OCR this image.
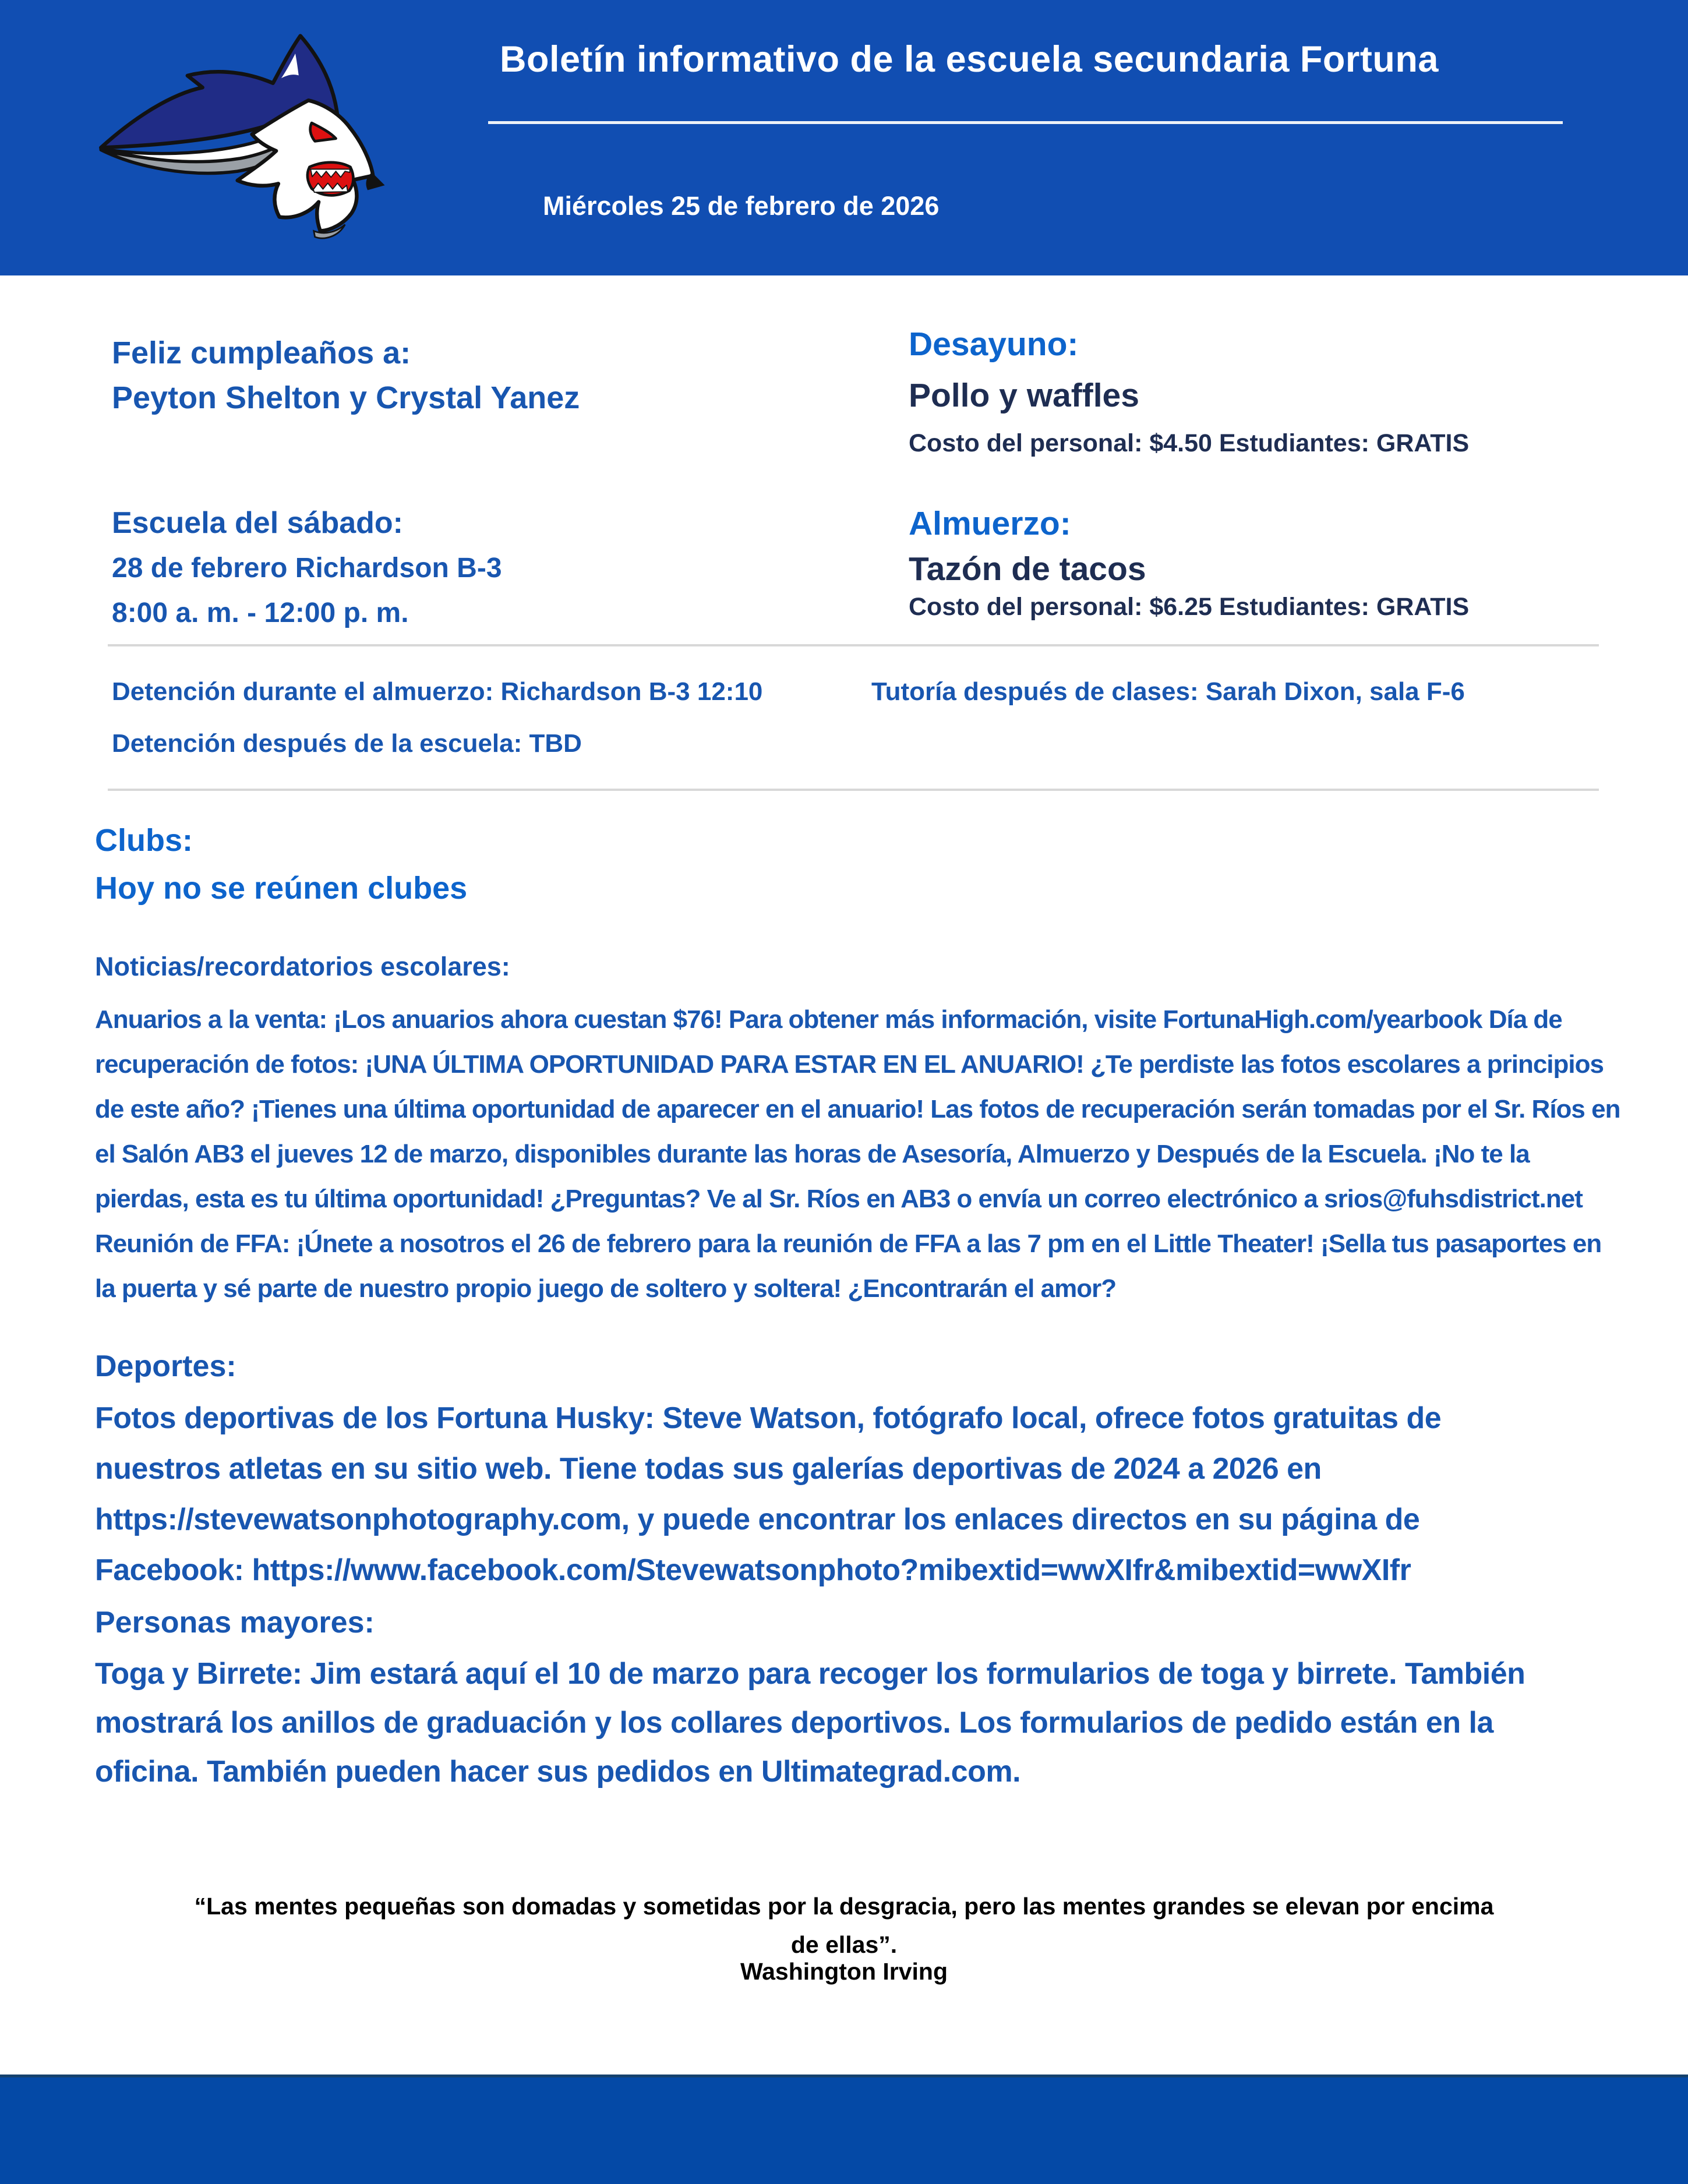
Boletín informativo de la escuela secundaria Fortuna
Miércoles 25 de febrero de 2026
Feliz cumpleaños a:
Peyton Shelton y Crystal Yanez
Desayuno:
Pollo y waffles
Costo del personal: $4.50 Estudiantes: GRATIS
Escuela del sábado:
28 de febrero Richardson B-3
8:00 a. m. - 12:00 p. m.
Almuerzo:
Tazón de tacos
Costo del personal: $6.25 Estudiantes: GRATIS
Detención durante el almuerzo: Richardson B-3 12:10	Tutoría después de clases: Sarah Dixon, sala F-6
Detención después de la escuela: TBD
Clubs:
Hoy no se reúnen clubes
Noticias/recordatorios escolares:
Anuarios a la venta: ¡Los anuarios ahora cuestan $76! Para obtener más información, visite FortunaHigh.com/yearbook Día de recuperación de fotos: ¡UNA ÚLTIMA OPORTUNIDAD PARA ESTAR EN EL ANUARIO! ¿Te perdiste las fotos escolares a principios de este año? ¡Tienes una última oportunidad de aparecer en el anuario! Las fotos de recuperación serán tomadas por el Sr. Ríos en el Salón AB3 el jueves 12 de marzo, disponibles durante las horas de Asesoría, Almuerzo y Después de la Escuela. ¡No te la pierdas, esta es tu última oportunidad! ¿Preguntas? Ve al Sr. Ríos en AB3 o envía un correo electrónico a srios@fuhsdistrict.net Reunión de FFA: ¡Únete a nosotros el 26 de febrero para la reunión de FFA a las 7 pm en el Little Theater! ¡Sella tus pasaportes en la puerta y sé parte de nuestro propio juego de soltero y soltera! ¿Encontrarán el amor?
Deportes:
Fotos deportivas de los Fortuna Husky: Steve Watson, fotógrafo local, ofrece fotos gratuitas de nuestros atletas en su sitio web. Tiene todas sus galerías deportivas de 2024 a 2026 en https://stevewatsonphotography.com, y puede encontrar los enlaces directos en su página de Facebook: https://www.facebook.com/Stevewatsonphoto?mibextid=wwXIfr&mibextid=wwXIfr
Personas mayores:
Toga y Birrete: Jim estará aquí el 10 de marzo para recoger los formularios de toga y birrete. También mostrará los anillos de graduación y los collares deportivos. Los formularios de pedido están en la oficina. También pueden hacer sus pedidos en Ultimategrad.com.
“Las mentes pequeñas son domadas y sometidas por la desgracia, pero las mentes grandes se elevan por encima de ellas”.
Washington Irving
